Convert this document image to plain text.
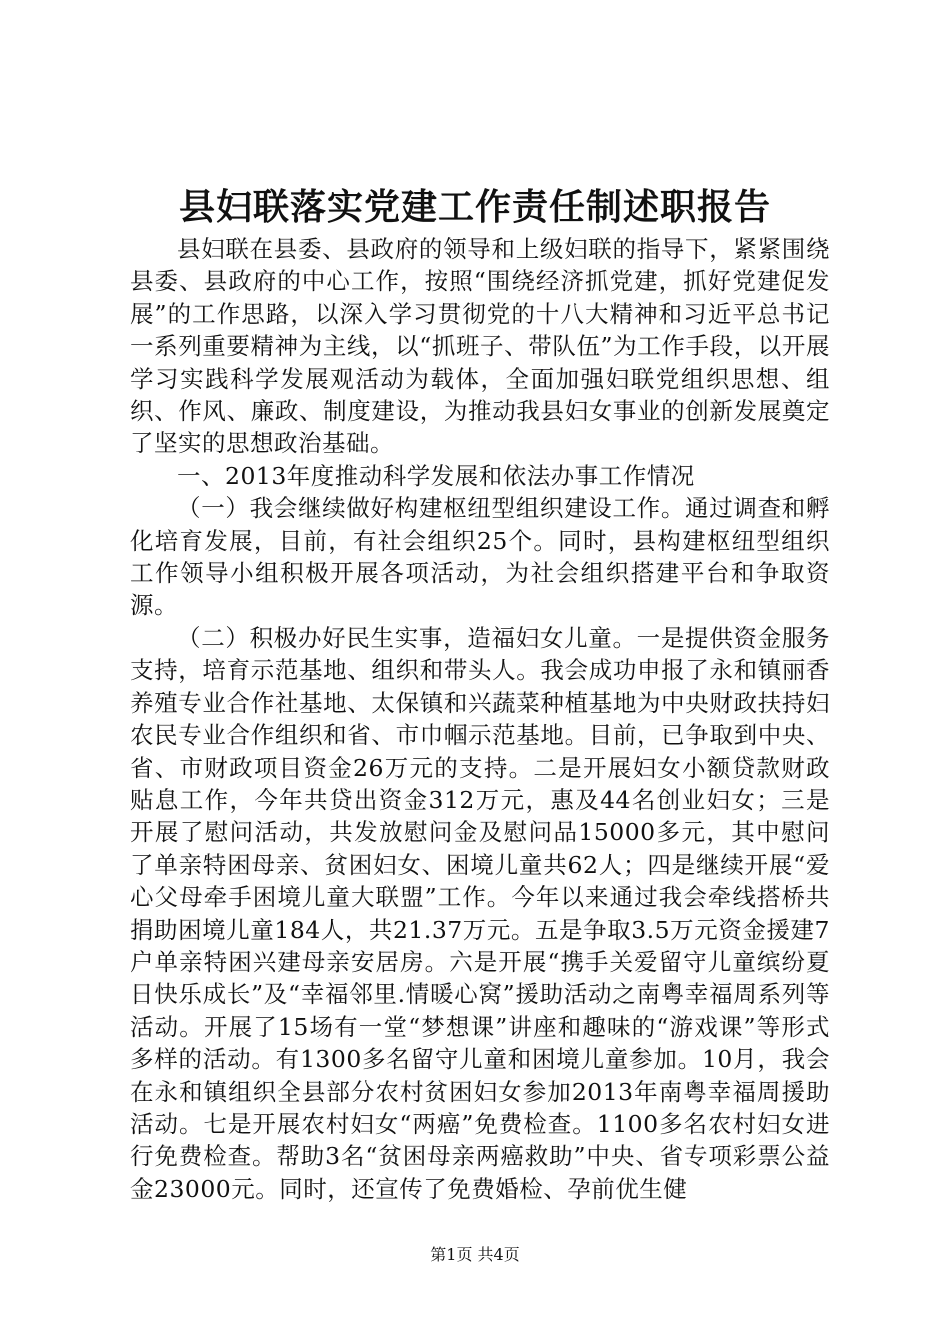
县妇联落实党建工作责任制述职报告

县妇联在县委、县政府的领导和上级妇联的指导下，紧紧围绕县委、县政府的中心工作，按照“围绕经济抓党建，抓好党建促发展”的工作思路，以深入学习贯彻党的十八大精神和习近平总书记一系列重要精神为主线，以“抓班子、带队伍”为工作手段，以开展学习实践科学发展观活动为载体，全面加强妇联党组织思想、组织、作风、廉政、制度建设，为推动我县妇女事业的创新发展奠定了坚实的思想政治基础。

一、2013年度推动科学发展和依法办事工作情况

（一）我会继续做好构建枢纽型组织建设工作。通过调查和孵化培育发展，目前，有社会组织25个。同时，县构建枢纽型组织工作领导小组积极开展各项活动，为社会组织搭建平台和争取资源。

（二）积极办好民生实事，造福妇女儿童。一是提供资金服务支持，培育示范基地、组织和带头人。我会成功申报了永和镇丽香养殖专业合作社基地、太保镇和兴蔬菜种植基地为中央财政扶持妇农民专业合作组织和省、市巾帼示范基地。目前，已争取到中央、省、市财政项目资金26万元的支持。二是开展妇女小额贷款财政贴息工作，今年共贷出资金312万元，惠及44名创业妇女；三是开展了慰问活动，共发放慰问金及慰问品15000多元，其中慰问了单亲特困母亲、贫困妇女、困境儿童共62人；四是继续开展“爱心父母牵手困境儿童大联盟”工作。今年以来通过我会牵线搭桥共捐助困境儿童184人，共21.37万元。五是争取3.5万元资金援建7户单亲特困兴建母亲安居房。六是开展“携手关爱留守儿童缤纷夏日快乐成长”及“幸福邻里.情暖心窝”援助活动之南粤幸福周系列等活动。开展了15场有一堂“梦想课”讲座和趣味的“游戏课”等形式多样的活动。有1300多名留守儿童和困境儿童参加。10月，我会在永和镇组织全县部分农村贫困妇女参加2013年南粤幸福周援助活动。七是开展农村妇女“两癌”免费检查。1100多名农村妇女进行免费检查。帮助3名“贫困母亲两癌救助”中央、省专项彩票公益金23000元。同时，还宣传了免费婚检、孕前优生健

第1页 共4页
